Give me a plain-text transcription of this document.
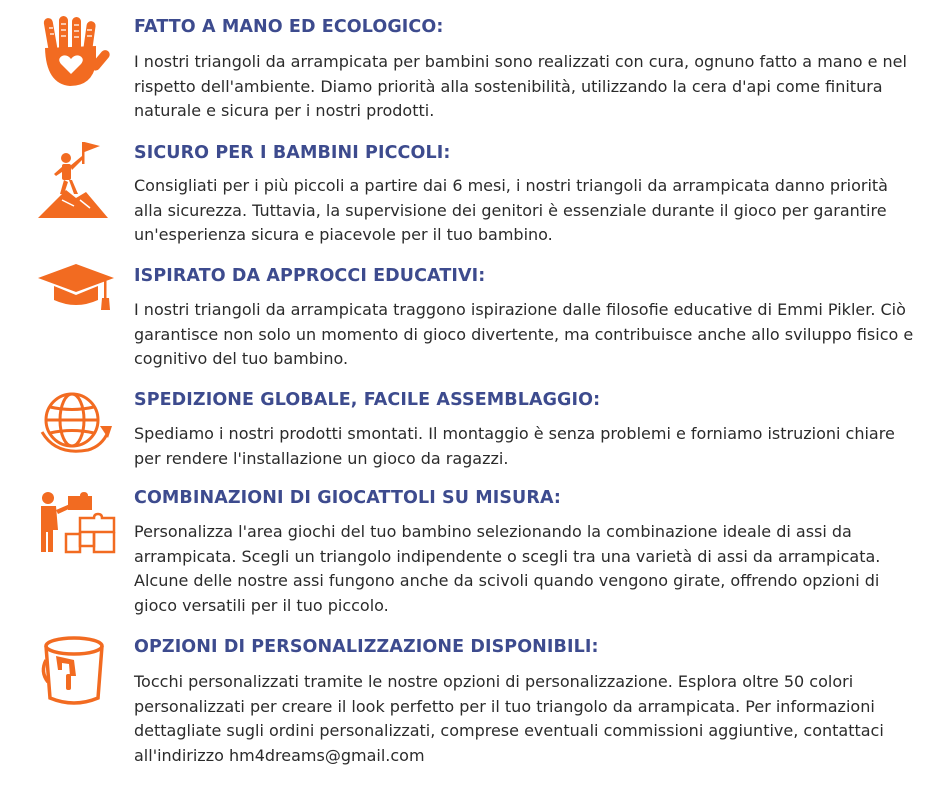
FATTO A MANO ED ECOLOGICO:

I nostri triangoli da arrampicata per bambini sono realizzati con cura, ognuno fatto a mano e nel rispetto dell'ambiente. Diamo priorità alla sostenibilità, utilizzando la cera d'api come finitura naturale e sicura per i nostri prodotti.

SICURO PER I BAMBINI PICCOLI:

Consigliati per i più piccoli a partire dai 6 mesi, i nostri triangoli da arrampicata danno priorità alla sicurezza. Tuttavia, la supervisione dei genitori è essenziale durante il gioco per garantire un'esperienza sicura e piacevole per il tuo bambino.

ISPIRATO DA APPROCCI EDUCATIVI:

I nostri triangoli da arrampicata traggono ispirazione dalle filosofie educative di Emmi Pikler. Ciò garantisce non solo un momento di gioco divertente, ma contribuisce anche allo sviluppo fisico e cognitivo del tuo bambino.

SPEDIZIONE GLOBALE, FACILE ASSEMBLAGGIO:

Spediamo i nostri prodotti smontati. Il montaggio è senza problemi e forniamo istruzioni chiare per rendere l'installazione un gioco da ragazzi.

COMBINAZIONI DI GIOCATTOLI SU MISURA:

Personalizza l'area giochi del tuo bambino selezionando la combinazione ideale di assi da arrampicata. Scegli un triangolo indipendente o scegli tra una varietà di assi da arrampicata. Alcune delle nostre assi fungono anche da scivoli quando vengono girate, offrendo opzioni di gioco versatili per il tuo piccolo.

OPZIONI DI PERSONALIZZAZIONE DISPONIBILI:

Tocchi personalizzati tramite le nostre opzioni di personalizzazione. Esplora oltre 50 colori personalizzati per creare il look perfetto per il tuo triangolo da arrampicata. Per informazioni dettagliate sugli ordini personalizzati, comprese eventuali commissioni aggiuntive, contattaci all'indirizzo hm4dreams@gmail.com
